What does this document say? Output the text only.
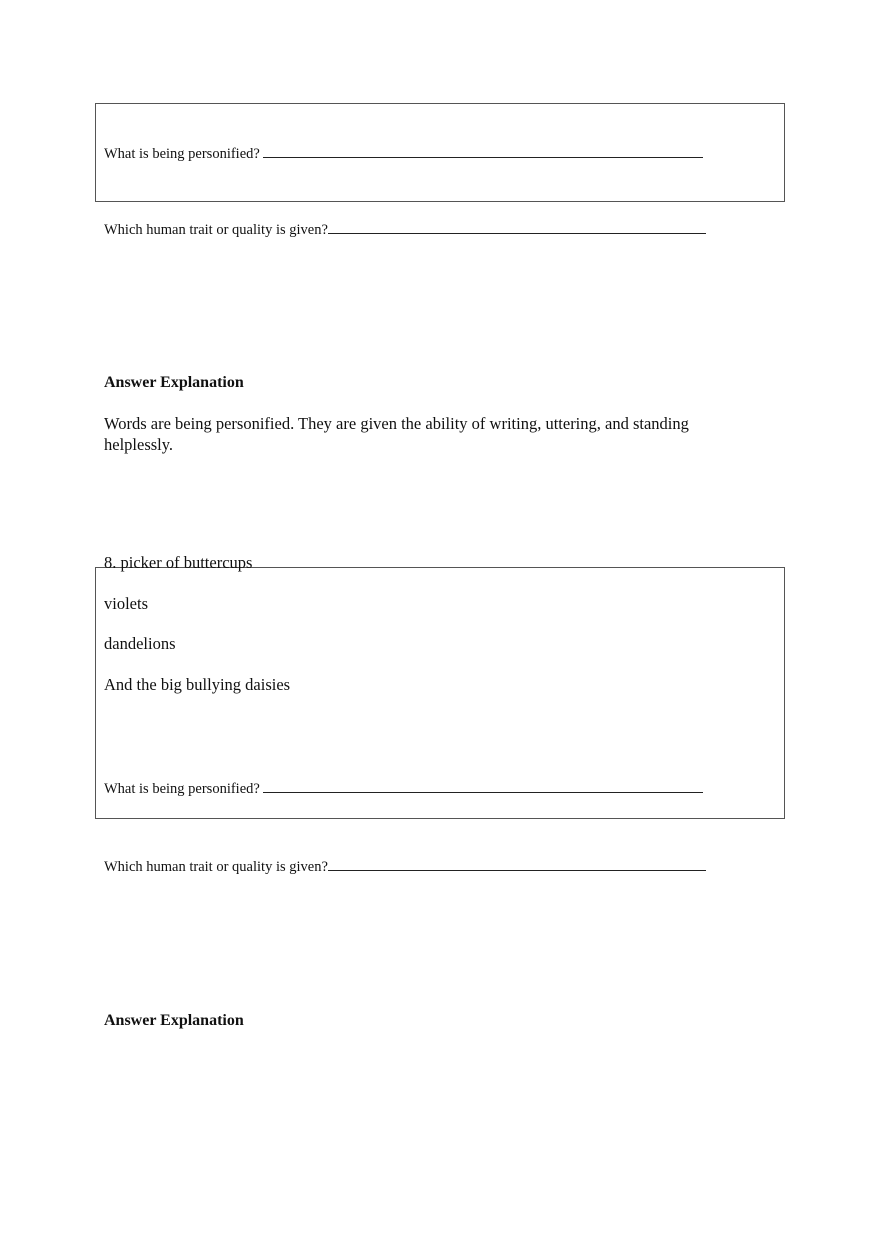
What is being personified?
Which human trait or quality is given?
Answer Explanation
Words are being personified. They are given the ability of writing, uttering, and standing
helplessly.
8. picker of buttercups
violets
dandelions
And the big bullying daisies
What is being personified?
Which human trait or quality is given?
Answer Explanation
